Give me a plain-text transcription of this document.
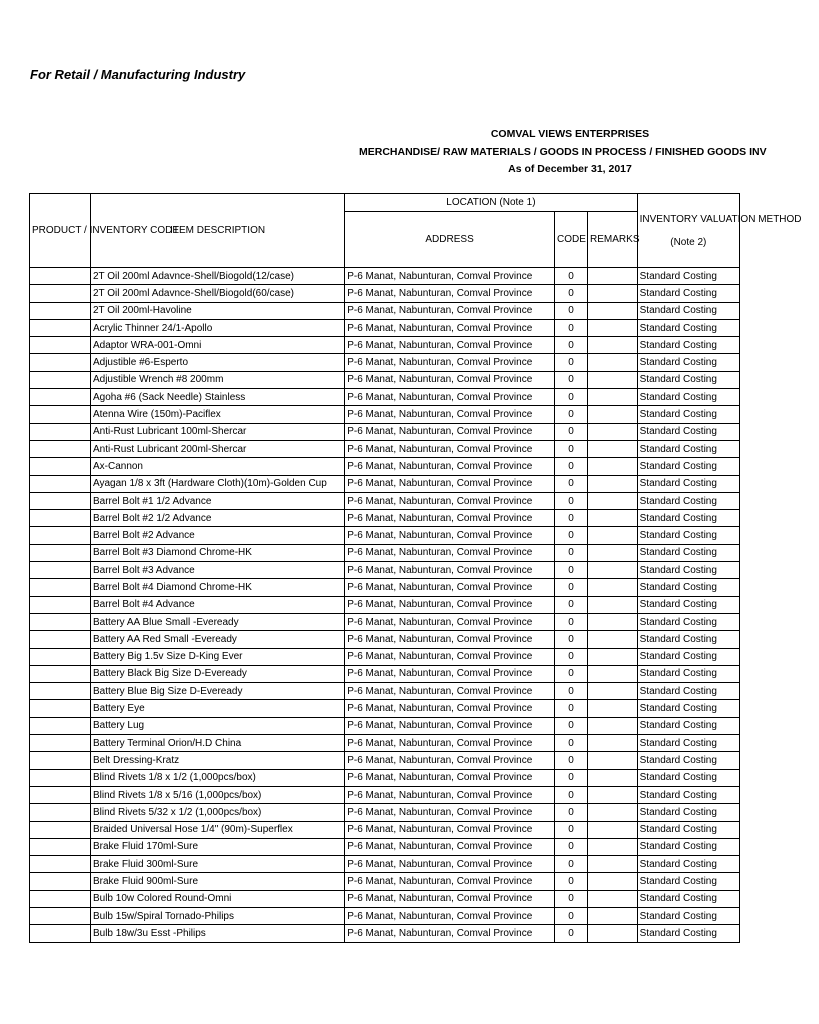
For Retail / Manufacturing Industry
COMVAL VIEWS ENTERPRISES
MERCHANDISE/ RAW MATERIALS / GOODS IN PROCESS / FINISHED GOODS INV
As of December 31, 2017
PRODUCT / INVENTORY CODE	ITEM DESCRIPTION	LOCATION (Note 1)			INVENTORY VALUATION METHOD
(Note 2)

		ADDRESS	CODE	REMARKS	
	2T Oil 200ml Adavnce-Shell/Biogold(12/case)	P-6 Manat, Nabunturan, Comval Province	0		Standard Costing
	2T Oil 200ml Adavnce-Shell/Biogold(60/case)	P-6 Manat, Nabunturan, Comval Province	0		Standard Costing
	2T Oil 200ml-Havoline	P-6 Manat, Nabunturan, Comval Province	0		Standard Costing
	Acrylic Thinner 24/1-Apollo	P-6 Manat, Nabunturan, Comval Province	0		Standard Costing
	Adaptor WRA-001-Omni	P-6 Manat, Nabunturan, Comval Province	0		Standard Costing
	Adjustible #6-Esperto	P-6 Manat, Nabunturan, Comval Province	0		Standard Costing
	Adjustible Wrench #8 200mm	P-6 Manat, Nabunturan, Comval Province	0		Standard Costing
	Agoha #6 (Sack Needle) Stainless	P-6 Manat, Nabunturan, Comval Province	0		Standard Costing
	Atenna Wire (150m)-Paciflex	P-6 Manat, Nabunturan, Comval Province	0		Standard Costing
	Anti-Rust Lubricant 100ml-Shercar	P-6 Manat, Nabunturan, Comval Province	0		Standard Costing
	Anti-Rust Lubricant 200ml-Shercar	P-6 Manat, Nabunturan, Comval Province	0		Standard Costing
	Ax-Cannon	P-6 Manat, Nabunturan, Comval Province	0		Standard Costing
	Ayagan 1/8 x 3ft (Hardware Cloth)(10m)-Golden Cup	P-6 Manat, Nabunturan, Comval Province	0		Standard Costing
	Barrel Bolt #1 1/2 Advance	P-6 Manat, Nabunturan, Comval Province	0		Standard Costing
	Barrel Bolt #2 1/2 Advance	P-6 Manat, Nabunturan, Comval Province	0		Standard Costing
	Barrel Bolt #2 Advance	P-6 Manat, Nabunturan, Comval Province	0		Standard Costing
	Barrel Bolt #3 Diamond Chrome-HK	P-6 Manat, Nabunturan, Comval Province	0		Standard Costing
	Barrel Bolt #3 Advance	P-6 Manat, Nabunturan, Comval Province	0		Standard Costing
	Barrel Bolt #4 Diamond Chrome-HK	P-6 Manat, Nabunturan, Comval Province	0		Standard Costing
	Barrel Bolt #4 Advance	P-6 Manat, Nabunturan, Comval Province	0		Standard Costing
	Battery AA Blue Small -Eveready	P-6 Manat, Nabunturan, Comval Province	0		Standard Costing
	Battery AA Red Small -Eveready	P-6 Manat, Nabunturan, Comval Province	0		Standard Costing
	Battery Big 1.5v Size D-King Ever	P-6 Manat, Nabunturan, Comval Province	0		Standard Costing
	Battery Black Big Size D-Eveready	P-6 Manat, Nabunturan, Comval Province	0		Standard Costing
	Battery Blue Big Size D-Eveready	P-6 Manat, Nabunturan, Comval Province	0		Standard Costing
	Battery Eye	P-6 Manat, Nabunturan, Comval Province	0		Standard Costing
	Battery Lug	P-6 Manat, Nabunturan, Comval Province	0		Standard Costing
	Battery Terminal Orion/H.D China	P-6 Manat, Nabunturan, Comval Province	0		Standard Costing
	Belt Dressing-Kratz	P-6 Manat, Nabunturan, Comval Province	0		Standard Costing
	Blind Rivets 1/8 x 1/2 (1,000pcs/box)	P-6 Manat, Nabunturan, Comval Province	0		Standard Costing
	Blind Rivets 1/8 x 5/16 (1,000pcs/box)	P-6 Manat, Nabunturan, Comval Province	0		Standard Costing
	Blind Rivets 5/32 x 1/2 (1,000pcs/box)	P-6 Manat, Nabunturan, Comval Province	0		Standard Costing
	Braided Universal Hose 1/4" (90m)-Superflex	P-6 Manat, Nabunturan, Comval Province	0		Standard Costing
	Brake Fluid 170ml-Sure	P-6 Manat, Nabunturan, Comval Province	0		Standard Costing
	Brake Fluid 300ml-Sure	P-6 Manat, Nabunturan, Comval Province	0		Standard Costing
	Brake Fluid 900ml-Sure	P-6 Manat, Nabunturan, Comval Province	0		Standard Costing
	Bulb 10w Colored Round-Omni	P-6 Manat, Nabunturan, Comval Province	0		Standard Costing
	Bulb 15w/Spiral Tornado-Philips	P-6 Manat, Nabunturan, Comval Province	0		Standard Costing
	Bulb 18w/3u Esst -Philips	P-6 Manat, Nabunturan, Comval Province	0		Standard Costing
